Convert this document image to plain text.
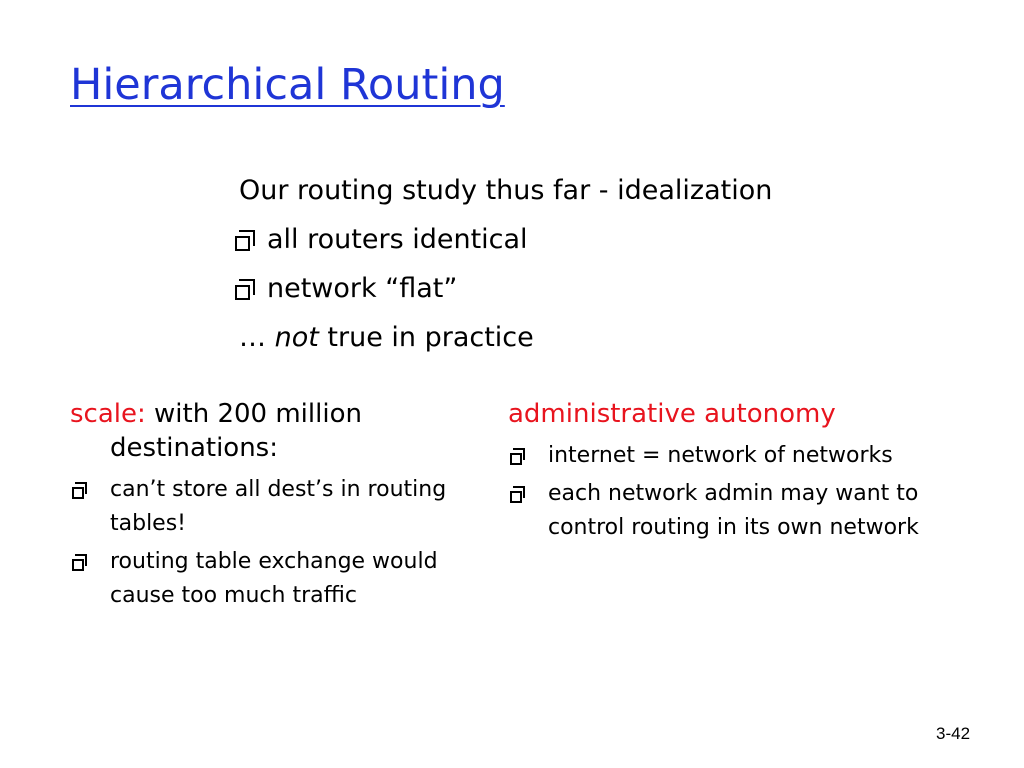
Hierarchical Routing
Our routing study thus far - idealization
all routers identical
network “flat”
… not true in practice
scale: with 200 million destinations:
can’t store all dest’s in routing tables!
routing table exchange would cause too much traffic
administrative autonomy
internet = network of networks
each network admin may want to control routing in its own network
3-42
